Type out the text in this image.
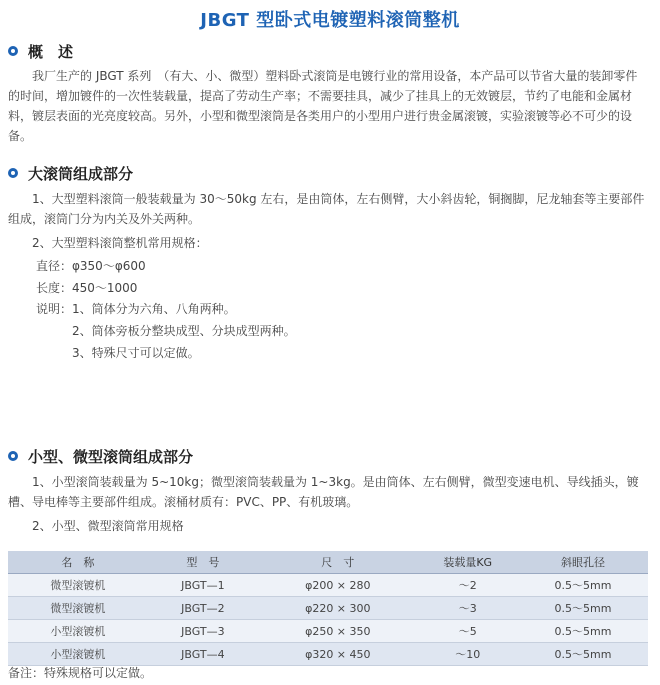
JBGT 型卧式电镀塑料滚筒整机
概　述
我厂生产的 JBGT 系列　（有大、小、微型）塑料卧式滚筒是电镀行业的常用设备，本产品可以节省大量的装卸零件的时间，增加镀件的一次性装载量，提高了劳动生产率；不需要挂具，减少了挂具上的无效镀层，节约了电能和金属材料，镀层表面的光亮度较高。另外，小型和微型滚筒是各类用户的小型用户进行贵金属滚镀，实验滚镀等必不可少的设备。
大滚筒组成部分
1、大型塑料滚筒一般装载量为 30～50kg 左右，是由筒体，左右侧臂，大小斜齿轮，铜搁脚，尼龙轴套等主要部件组成，滚筒门分为内关及外关两种。
2、大型塑料滚筒整机常用规格：
直径：φ350～φ600
长度：450～1000
说明：1、筒体分为六角、八角两种。
2、筒体旁板分整块成型、分块成型两种。
3、特殊尺寸可以定做。
小型、微型滚筒组成部分
1、小型滚筒装载量为 5~10kg；微型滚筒装载量为 1~3kg。是由筒体、左右侧臂，微型变速电机、导线插头，镀槽、导电棒等主要部件组成。滚桶材质有：PVC、PP、有机玻璃。
2、小型、微型滚筒常用规格
名　称	型　号	尺　寸	装载量KG	斜眼孔径
微型滚镀机	JBGT—1	φ200 × 280	～2	0.5～5mm
微型滚镀机	JBGT—2	φ220 × 300	～3	0.5～5mm
小型滚镀机	JBGT—3	φ250 × 350	～5	0.5～5mm
小型滚镀机	JBGT—4	φ320 × 450	～10	0.5～5mm
备注：特殊规格可以定做。
